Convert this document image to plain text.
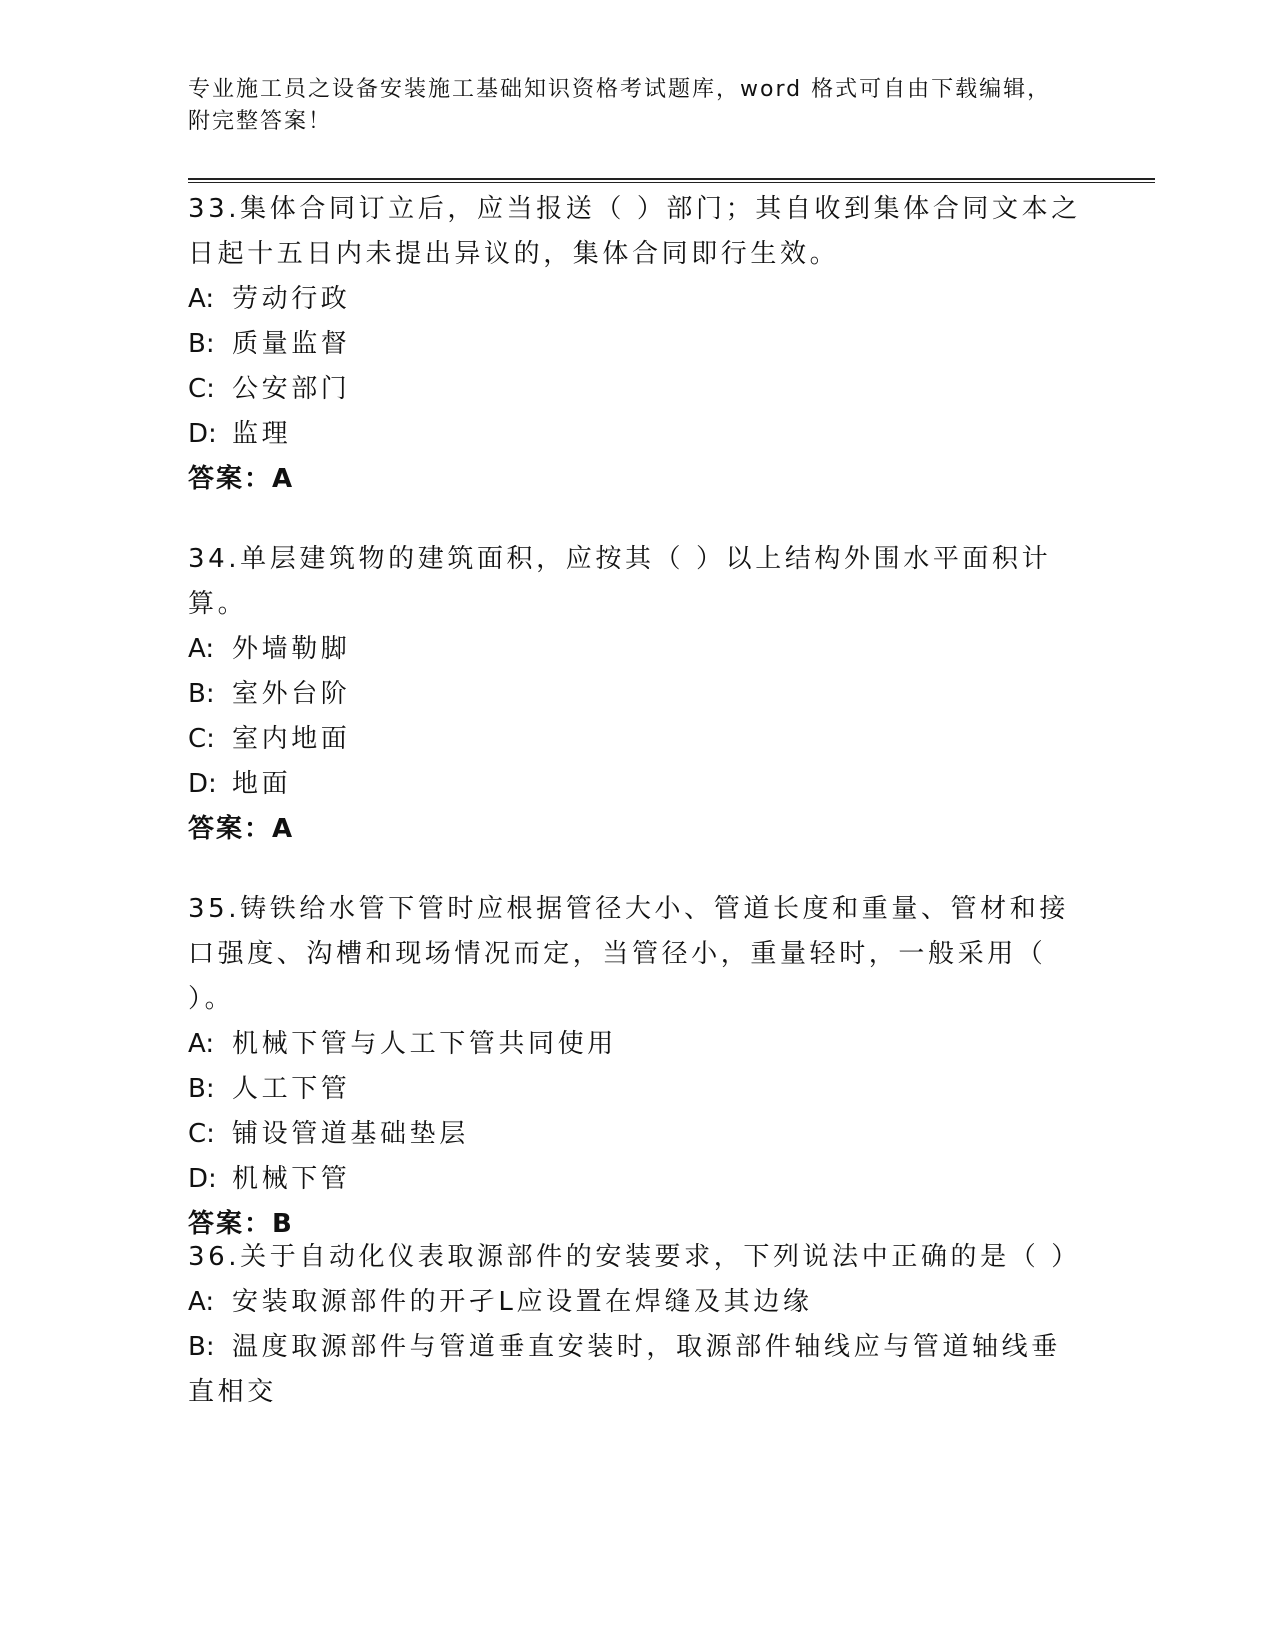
专业施工员之设备安装施工基础知识资格考试题库，word 格式可自由下载编辑，
附完整答案！

33.集体合同订立后，应当报送（ ）部门；其自收到集体合同文本之日起十五日内未提出异议的，集体合同即行生效。

A: 劳动行政

B: 质量监督

C: 公安部门

D: 监理

答案：A

34.单层建筑物的建筑面积，应按其（ ）以上结构外围水平面积计算。

A: 外墙勒脚

B: 室外台阶

C: 室内地面

D: 地面

答案：A

35.铸铁给水管下管时应根据管径大小、管道长度和重量、管材和接口强度、沟槽和现场情况而定，当管径小，重量轻时，一般采用（ ）。

A: 机械下管与人工下管共同使用

B: 人工下管

C: 铺设管道基础垫层

D: 机械下管

答案：B

36.关于自动化仪表取源部件的安装要求，下列说法中正确的是（ ）

A: 安装取源部件的开孑L应设置在焊缝及其边缘

B: 温度取源部件与管道垂直安装时，取源部件轴线应与管道轴线垂直相交
